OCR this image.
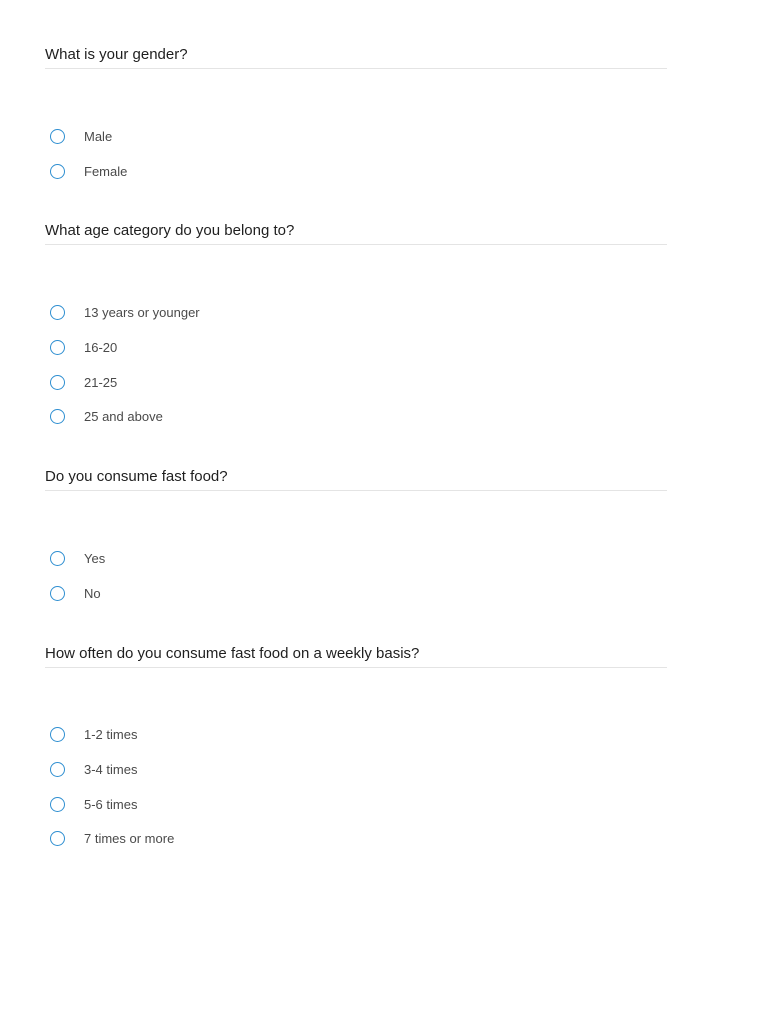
What is your gender?
Male
Female
What age category do you belong to?
13 years or younger
16-20
21-25
25 and above
Do you consume fast food?
Yes
No
How often do you consume fast food on a weekly basis?
1-2 times
3-4 times
5-6 times
7 times or more
